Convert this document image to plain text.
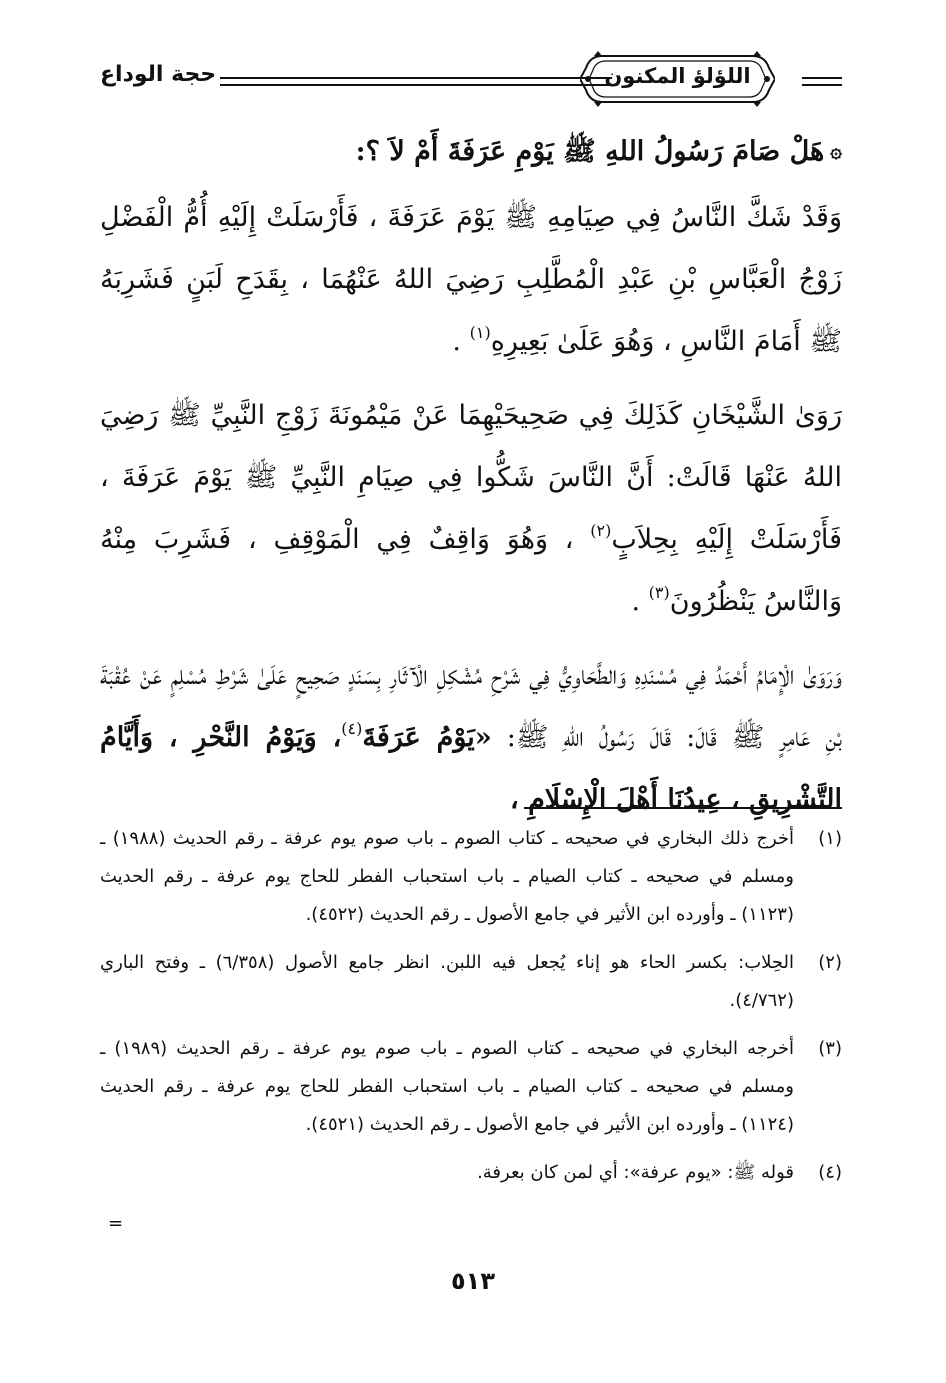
اللؤلؤ المكنون
حجة الوداع

۞هَلْ صَامَ رَسُولُ اللهِ ﷺ يَوْمِ عَرَفَةَ أَمْ لاَ ؟:

وَقَدْ شَكَّ النَّاسُ فِي صِيَامِهِ ﷺ يَوْمَ عَرَفَةَ ، فَأَرْسَلَتْ إِلَيْهِ أُمُّ الْفَضْلِ زَوْجُ الْعَبَّاسِ بْنِ عَبْدِ الْمُطَّلِبِ رَضِيَ اللهُ عَنْهُمَا ، بِقَدَحِ لَبَنٍ فَشَرِبَهُ ﷺ أَمَامَ النَّاسِ ، وَهُوَ عَلَىٰ بَعِيرِهِ$^{(١)}$ .

رَوَىٰ الشَّيْخَانِ كَذَلِكَ فِي صَحِيحَيْهِمَا عَنْ مَيْمُونَةَ زَوْجِ النَّبِيِّ ﷺ رَضِيَ اللهُ عَنْهَا قَالَتْ: أَنَّ النَّاسَ شَكُّوا فِي صِيَامِ النَّبِيِّ ﷺ يَوْمَ عَرَفَةَ ، فَأَرْسَلَتْ إِلَيْهِ بِحِلاَبٍ$^{(٢)}$ ، وَهُوَ وَاقِفٌ فِي الْمَوْقِفِ ، فَشَرِبَ مِنْهُ وَالنَّاسُ يَنْظُرُونَ$^{(٣)}$ .

وَرَوَىٰ الْإِمَامُ أَحْمَدُ فِي مُسْنَدِهِ وَالطَّحَاوِيُّ فِي شَرْحِ مُشْكِلِ الْآثَارِ بِسَنَدٍ صَحِيحٍ عَلَىٰ شَرْطِ مُسْلِمٍ عَنْ عُقْبَةَ بْنِ عَامِرٍ ﷺ قَالَ: قَالَ رَسُولُ اللهِ ﷺ: «يَوْمُ عَرَفَةَ$^{(٤)}$، وَيَوْمُ النَّحْرِ ، وَأَيَّامُ التَّشْرِيقِ ، عِيدُنَا أَهْلَ الْإِسْلَامِ ،

(١)
أخرج ذلك البخاري في صحيحه ـ كتاب الصوم ـ باب صوم يوم عرفة ـ رقم الحديث (١٩٨٨) ـ ومسلم في صحيحه ـ كتاب الصيام ـ باب استحباب الفطر للحاج يوم عرفة ـ رقم الحديث (١١٢٣) ـ وأورده ابن الأثير في جامع الأصول ـ رقم الحديث (٤٥٢٢).
(٢)
الحِلاب: بكسر الحاء هو إناء يُجعل فيه اللبن. انظر جامع الأصول (٦/٣٥٨) ـ وفتح الباري (٤/٧٦٢).
(٣)
أخرجه البخاري في صحيحه ـ كتاب الصوم ـ باب صوم يوم عرفة ـ رقم الحديث (١٩٨٩) ـ ومسلم في صحيحه ـ كتاب الصيام ـ باب استحباب الفطر للحاج يوم عرفة ـ رقم الحديث (١١٢٤) ـ وأورده ابن الأثير في جامع الأصول ـ رقم الحديث (٤٥٢١).
(٤)
قوله ﷺ: «يوم عرفة»: أي لمن كان بعرفة.
=
٥١٣
